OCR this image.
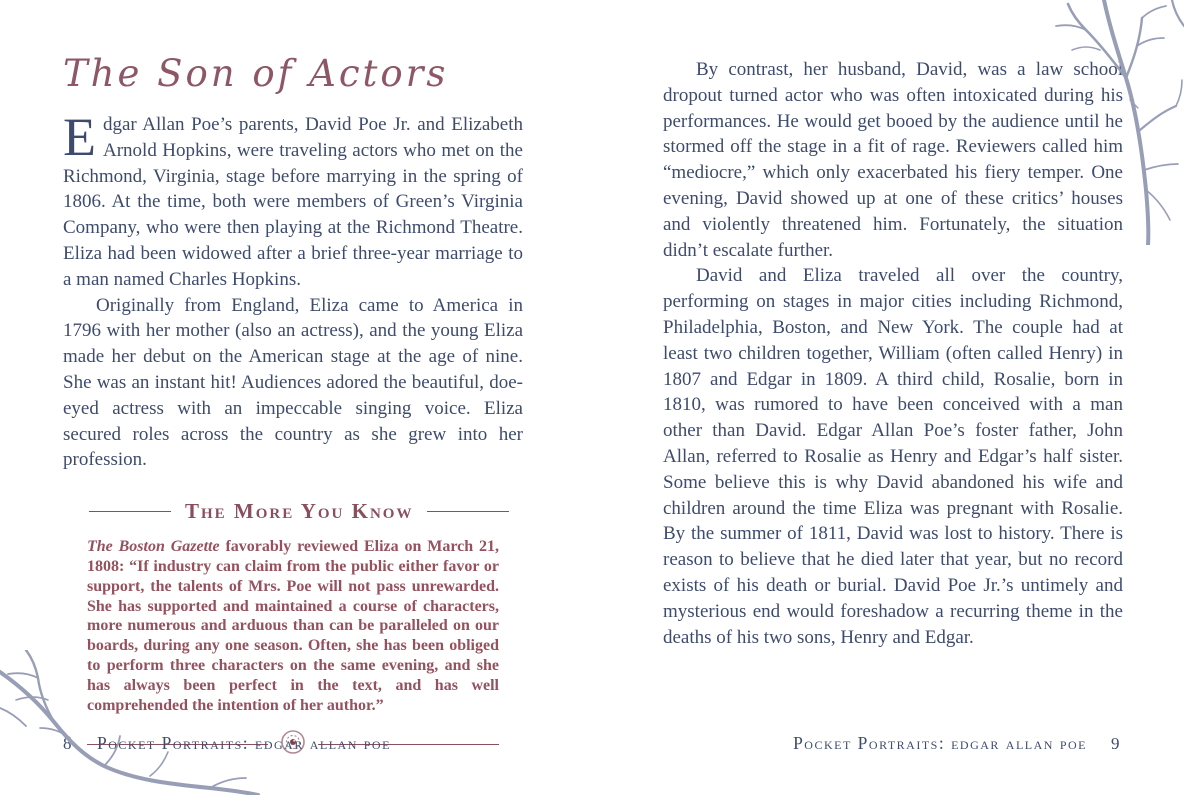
The Son of Actors

Edgar Allan Poe’s parents, David Poe Jr. and Elizabeth Arnold Hopkins, were traveling actors who met on the Richmond, Virginia, stage before marrying in the spring of 1806. At the time, both were members of Green’s Virginia Company, who were then playing at the Richmond Theatre. Eliza had been widowed after a brief three-year marriage to a man named Charles Hopkins.

Originally from England, Eliza came to America in 1796 with her mother (also an actress), and the young Eliza made her debut on the American stage at the age of nine. She was an instant hit! Audiences adored the beautiful, doe-eyed actress with an impeccable singing voice. Eliza secured roles across the country as she grew into her profession.

The More You Know

The Boston Gazette favorably reviewed Eliza on March 21, 1808: “If industry can claim from the public either favor or support, the talents of Mrs. Poe will not pass unrewarded. She has supported and maintained a course of characters, more numerous and arduous than can be paralleled on our boards, during any one season. Often, she has been obliged to perform three characters on the same evening, and she has always been perfect in the text, and has well comprehended the intention of her author.”

By contrast, her husband, David, was a law school dropout turned actor who was often intoxicated during his performances. He would get booed by the audience until he stormed off the stage in a fit of rage. Reviewers called him “mediocre,” which only exacerbated his fiery temper. One evening, David showed up at one of these critics’ houses and violently threatened him. Fortunately, the situation didn’t escalate further.

David and Eliza traveled all over the country, performing on stages in major cities including Richmond, Philadelphia, Boston, and New York. The couple had at least two children together, William (often called Henry) in 1807 and Edgar in 1809. A third child, Rosalie, born in 1810, was rumored to have been conceived with a man other than David. Edgar Allan Poe’s foster father, John Allan, referred to Rosalie as Henry and Edgar’s half sister. Some believe this is why David abandoned his wife and children around the time Eliza was pregnant with Rosalie. By the summer of 1811, David was lost to history. There is reason to believe that he died later that year, but no record exists of his death or burial. David Poe Jr.’s untimely and mysterious end would foreshadow a recurring theme in the deaths of his two sons, Henry and Edgar.

8 Pocket Portraits: edgar allan poe	Pocket Portraits: edgar allan poe 9
